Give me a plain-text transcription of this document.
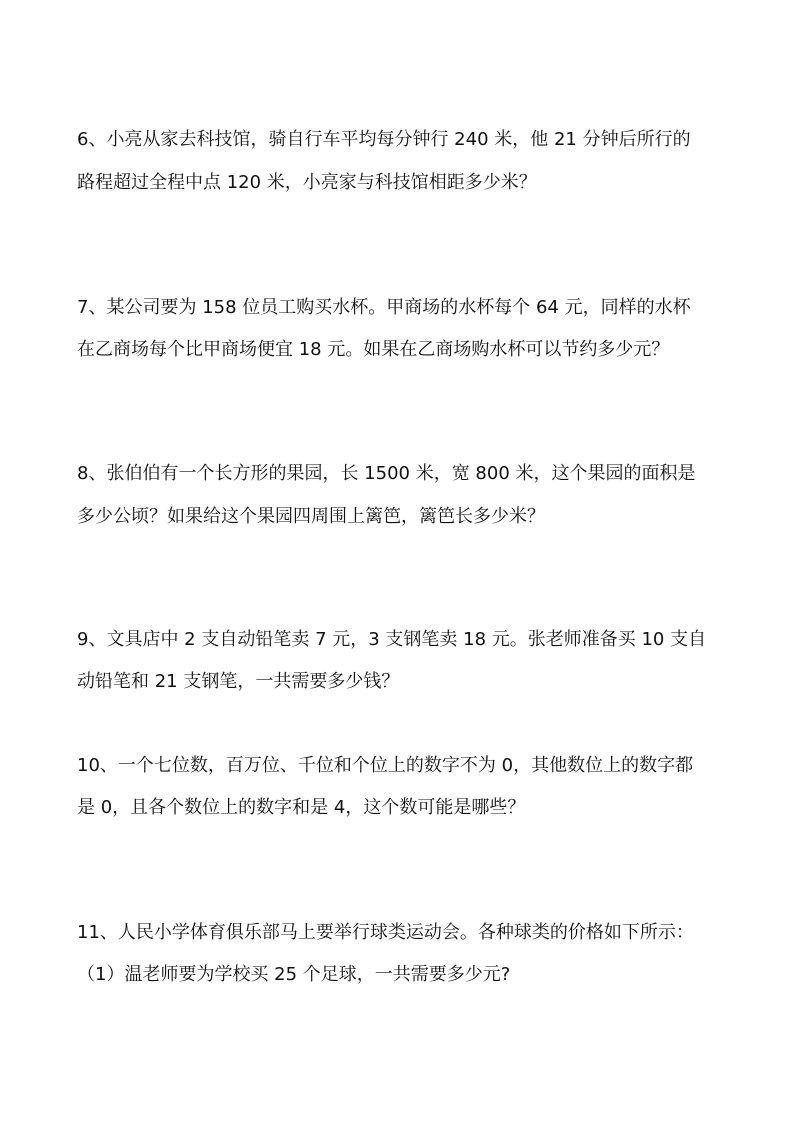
6、小亮从家去科技馆，骑自行车平均每分钟行 240 米，他 21 分钟后所行的
路程超过全程中点 120 米，小亮家与科技馆相距多少米？
7、某公司要为 158 位员工购买水杯。甲商场的水杯每个 64 元，同样的水杯
在乙商场每个比甲商场便宜 18 元。如果在乙商场购水杯可以节约多少元？
8、张伯伯有一个长方形的果园，长 1500 米，宽 800 米，这个果园的面积是
多少公顷？如果给这个果园四周围上篱笆，篱笆长多少米？
9、文具店中 2 支自动铅笔卖 7 元，3 支钢笔卖 18 元。张老师准备买 10 支自
动铅笔和 21 支钢笔，一共需要多少钱？
10、一个七位数，百万位、千位和个位上的数字不为 0，其他数位上的数字都
是 0，且各个数位上的数字和是 4，这个数可能是哪些？
11、人民小学体育俱乐部马上要举行球类运动会。各种球类的价格如下所示：
（1）温老师要为学校买 25 个足球，一共需要多少元?
